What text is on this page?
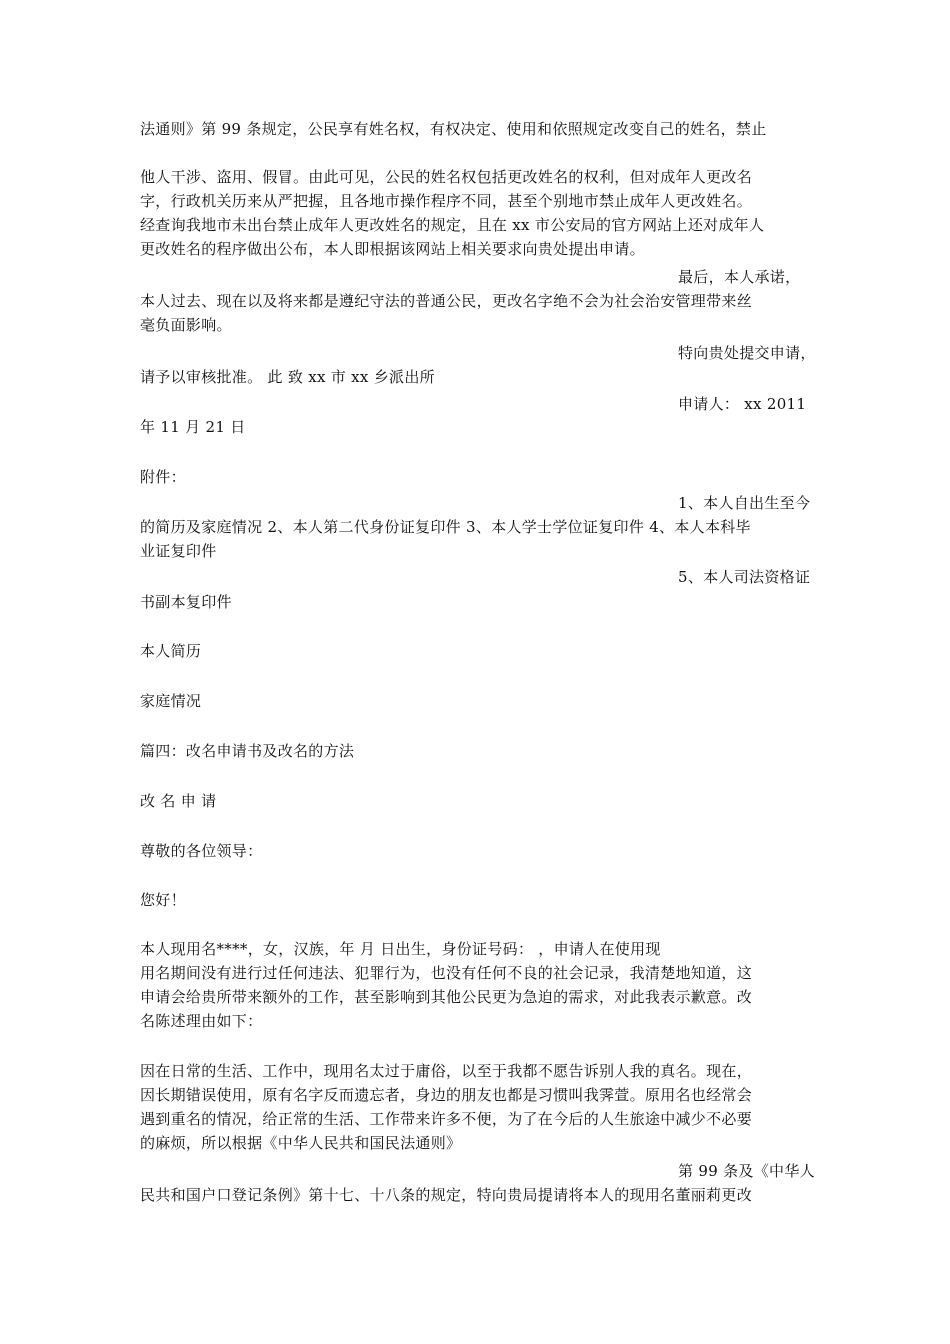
法通则》第 99 条规定，公民享有姓名权，有权决定、使用和依照规定改变自己的姓名，禁止
他人干涉、盗用、假冒。由此可见，公民的姓名权包括更改姓名的权利，但对成年人更改名
字，行政机关历来从严把握，且各地市操作程序不同，甚至个别地市禁止成年人更改姓名。
经查询我地市未出台禁止成年人更改姓名的规定，且在 xx 市公安局的官方网站上还对成年人
更改姓名的程序做出公布，本人即根据该网站上相关要求向贵处提出申请。
最后，本人承诺，
本人过去、现在以及将来都是遵纪守法的普通公民，更改名字绝不会为社会治安管理带来丝
毫负面影响。
特向贵处提交申请，
请予以审核批准。 此 致 xx 市 xx 乡派出所
申请人： xx 2011
年 11 月 21 日
附件：
1、本人自出生至今
的简历及家庭情况 2、本人第二代身份证复印件 3、本人学士学位证复印件 4、本人本科毕
业证复印件
5、本人司法资格证
书副本复印件
本人简历
家庭情况
篇四：改名申请书及改名的方法
改 名 申 请
尊敬的各位领导：
您好！
本人现用名****，女，汉族，年 月 日出生，身份证号码： ，申请人在使用现
用名期间没有进行过任何违法、犯罪行为，也没有任何不良的社会记录，我清楚地知道，这
申请会给贵所带来额外的工作，甚至影响到其他公民更为急迫的需求，对此我表示歉意。改
名陈述理由如下：
因在日常的生活、工作中，现用名太过于庸俗，以至于我都不愿告诉别人我的真名。现在，
因长期错误使用，原有名字反而遗忘者，身边的朋友也都是习惯叫我霁萱。原用名也经常会
遇到重名的情况，给正常的生活、工作带来许多不便，为了在今后的人生旅途中减少不必要
的麻烦，所以根据《中华人民共和国民法通则》
第 99 条及《中华人
民共和国户口登记条例》第十七、十八条的规定，特向贵局提请将本人的现用名董丽莉更改
